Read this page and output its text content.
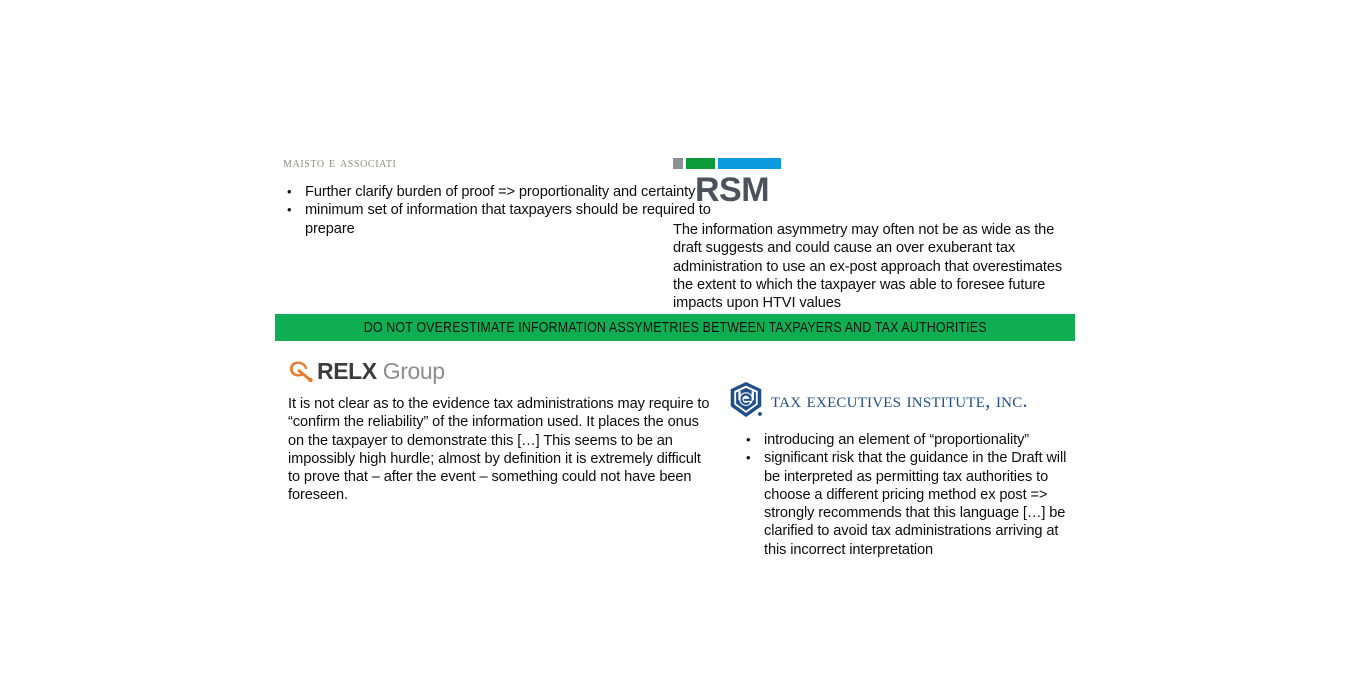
maisto e associati
• Further clarify burden of proof => proportionality and certainty
• minimum set of information that taxpayers should be required to prepare
RSM
The information asymmetry may often not be as wide as the draft suggests and could cause an over exuberant tax administration to use an ex-post approach that overestimates the extent to which the taxpayer was able to foresee future impacts upon HTVI values
DO NOT OVERESTIMATE INFORMATION ASSYMETRIES BETWEEN TAXPAYERS AND TAX AUTHORITIES
RELX Group
It is not clear as to the evidence tax administrations may require to “confirm the reliability” of the information used. It places the onus on the taxpayer to demonstrate this […] This seems to be an impossibly high hurdle; almost by definition it is extremely difficult to prove that – after the event – something could not have been foreseen.
tax executives institute, inc.
• introducing an element of “proportionality”
• significant risk that the guidance in the Draft will be interpreted as permitting tax authorities to choose a different pricing method ex post => strongly recommends that this language […] be clarified to avoid tax administrations arriving at this incorrect interpretation
